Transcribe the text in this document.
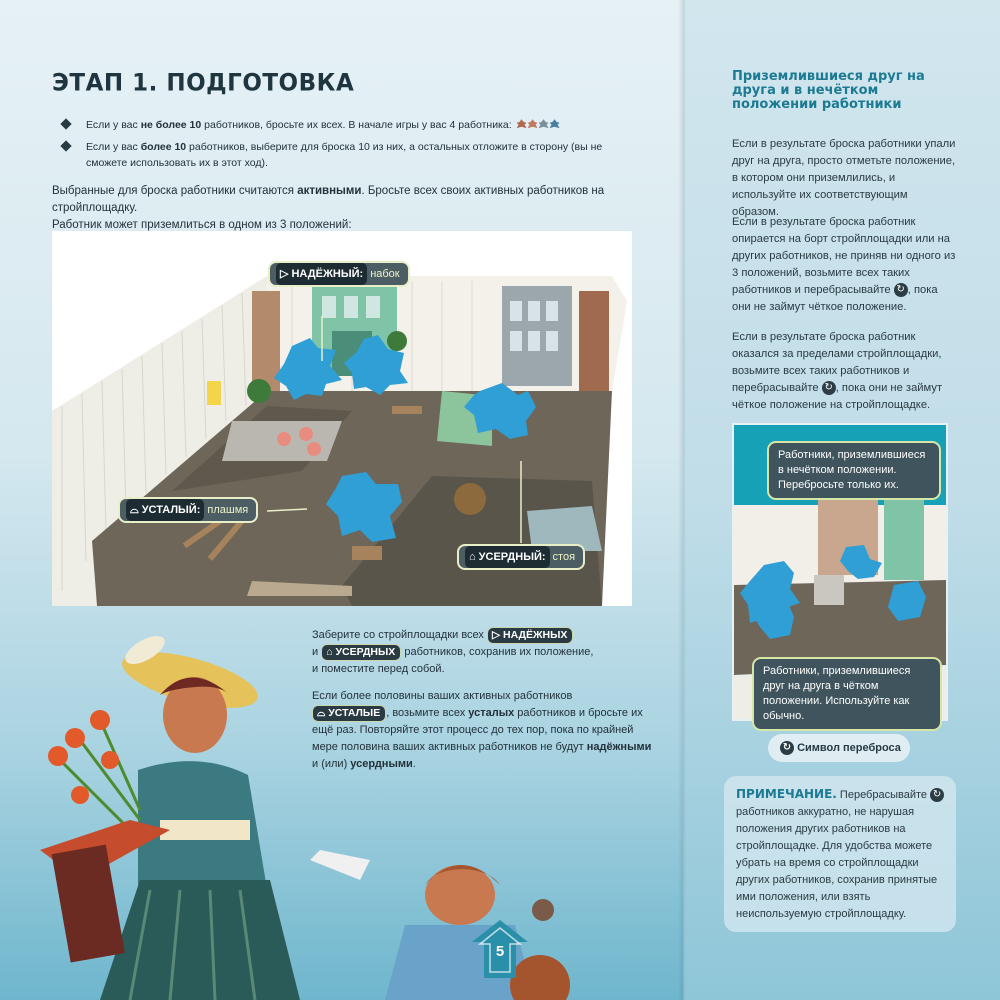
ЭТАП 1. ПОДГОТОВКА
Если у вас не более 10 работников, бросьте их всех. В начале игры у вас 4 работника:
Если у вас более 10 работников, выберите для броска 10 из них, а остальных отложите в сторону (вы не сможете использовать их в этот ход).
Выбранные для броска работники считаются активными. Бросьте всех своих активных работников на стройплощадку.
Работник может приземлиться в одном из 3 положений:
▷ НАДЁЖНЫЙ: набок
⌓ УСТАЛЫЙ: плашмя
⌂ УСЕРДНЫЙ: стоя
Заберите со стройплощадки всех ▷ НАДЁЖНЫХ
и ⌂ УСЕРДНЫХ работников, сохранив их положение,
и поместите перед собой.
Если более половины ваших активных работников
⌓ УСТАЛЫЕ , возьмите всех усталых работников и бросьте их
ещё раз. Повторяйте этот процесс до тех пор, пока по крайней
мере половина ваших активных работников не будут надёжными
и (или) усердными.
5
Приземлившиеся друг на друга и в нечётком положении работники
Если в результате броска работники упали друг на друга, просто отметьте положение, в котором они приземлились, и используйте их соответствующим образом.
Если в результате броска работник опирается на борт стройплощадки или на других работников, не приняв ни одного из 3 положений, возьмите всех таких работников и перебрасывайте ↻ , пока они не займут чёткое положение.
Если в результате броска работник оказался за пределами стройплощадки, возьмите всех таких работников и перебрасывайте ↻ , пока они не займут чёткое положение на стройплощадке.
Работники, приземлившиеся в нечётком положении. Перебросьте только их.
Работники, приземлившиеся друг на друга в чётком положении. Используйте как обычно.
↻ Символ переброса
ПРИМЕЧАНИЕ. Перебрасывайте ↻ работников аккуратно, не нарушая положения других работников на стройплощадке. Для удобства можете убрать на время со стройплощадки других работников, сохранив принятые ими положения, или взять неиспользуемую стройплощадку.
